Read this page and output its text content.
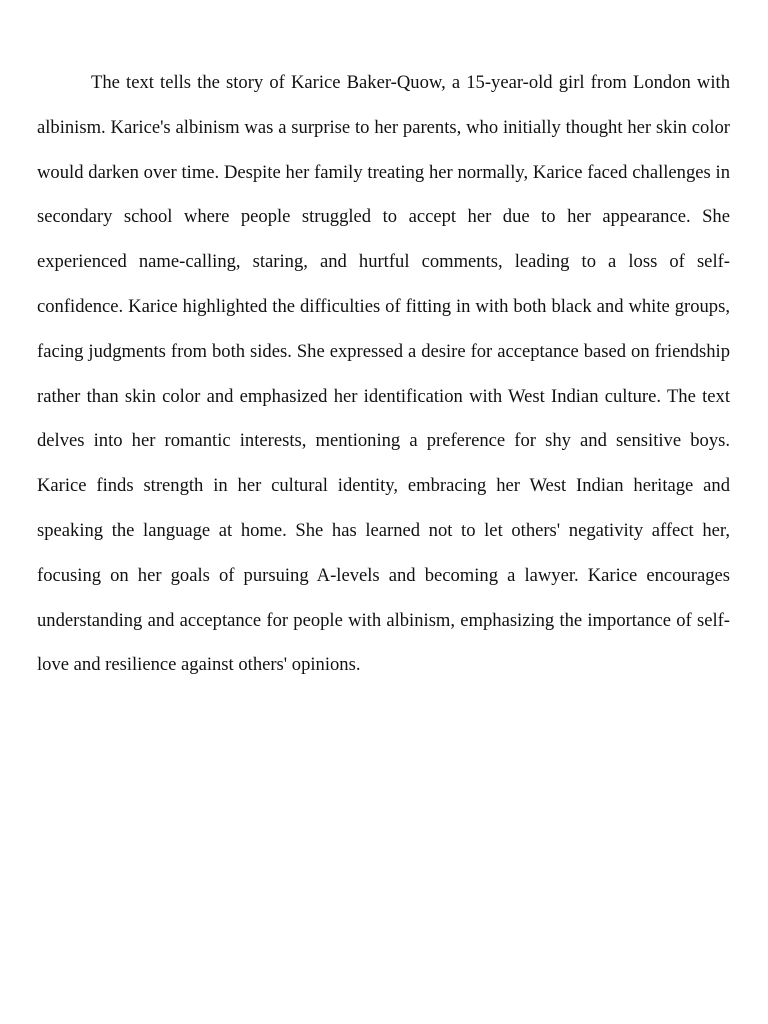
The text tells the story of Karice Baker-Quow, a 15-year-old girl from London with albinism. Karice's albinism was a surprise to her parents, who initially thought her skin color would darken over time. Despite her family treating her normally, Karice faced challenges in secondary school where people struggled to accept her due to her appearance. She experienced name-calling, staring, and hurtful comments, leading to a loss of self-confidence. Karice highlighted the difficulties of fitting in with both black and white groups, facing judgments from both sides. She expressed a desire for acceptance based on friendship rather than skin color and emphasized her identification with West Indian culture. The text delves into her romantic interests, mentioning a preference for shy and sensitive boys. Karice finds strength in her cultural identity, embracing her West Indian heritage and speaking the language at home. She has learned not to let others' negativity affect her, focusing on her goals of pursuing A-levels and becoming a lawyer. Karice encourages understanding and acceptance for people with albinism, emphasizing the importance of self-love and resilience against others' opinions.
